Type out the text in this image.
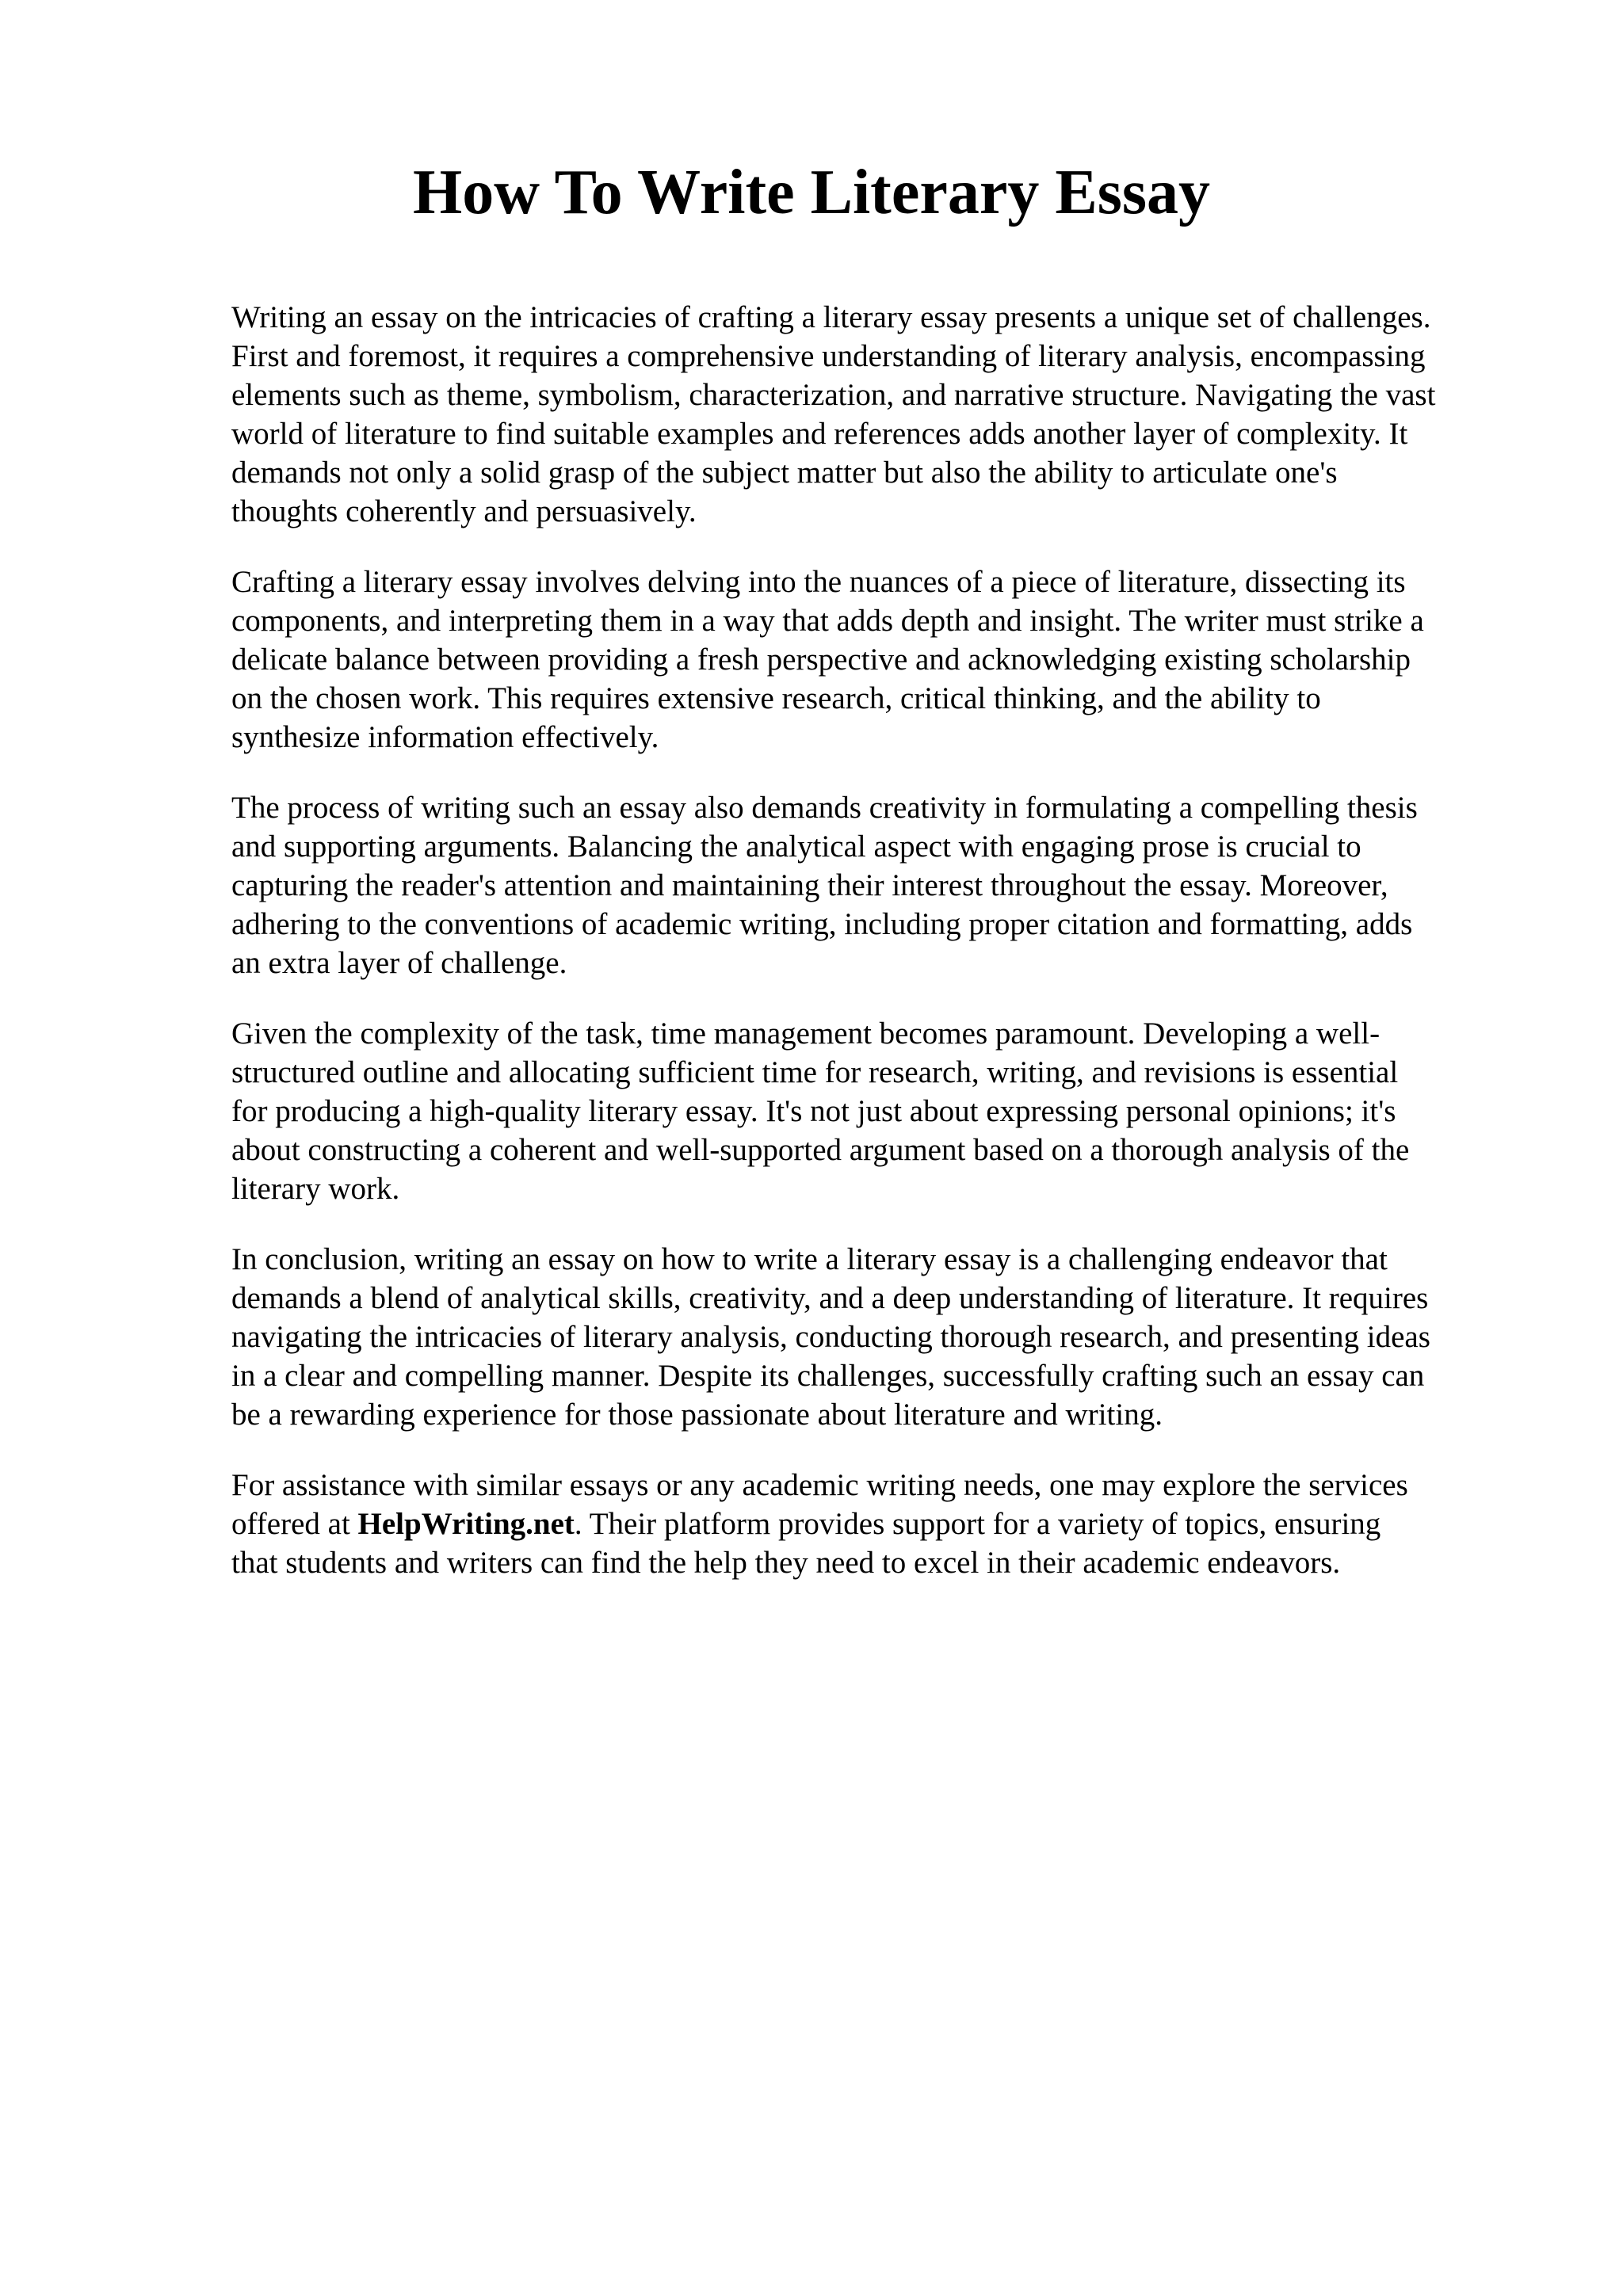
How To Write Literary Essay

Writing an essay on the intricacies of crafting a literary essay presents a unique set of challenges.
First and foremost, it requires a comprehensive understanding of literary analysis, encompassing
elements such as theme, symbolism, characterization, and narrative structure. Navigating the vast
world of literature to find suitable examples and references adds another layer of complexity. It
demands not only a solid grasp of the subject matter but also the ability to articulate one's
thoughts coherently and persuasively.

Crafting a literary essay involves delving into the nuances of a piece of literature, dissecting its
components, and interpreting them in a way that adds depth and insight. The writer must strike a
delicate balance between providing a fresh perspective and acknowledging existing scholarship
on the chosen work. This requires extensive research, critical thinking, and the ability to
synthesize information effectively.

The process of writing such an essay also demands creativity in formulating a compelling thesis
and supporting arguments. Balancing the analytical aspect with engaging prose is crucial to
capturing the reader's attention and maintaining their interest throughout the essay. Moreover,
adhering to the conventions of academic writing, including proper citation and formatting, adds
an extra layer of challenge.

Given the complexity of the task, time management becomes paramount. Developing a well-
structured outline and allocating sufficient time for research, writing, and revisions is essential
for producing a high-quality literary essay. It's not just about expressing personal opinions; it's
about constructing a coherent and well-supported argument based on a thorough analysis of the
literary work.

In conclusion, writing an essay on how to write a literary essay is a challenging endeavor that
demands a blend of analytical skills, creativity, and a deep understanding of literature. It requires
navigating the intricacies of literary analysis, conducting thorough research, and presenting ideas
in a clear and compelling manner. Despite its challenges, successfully crafting such an essay can
be a rewarding experience for those passionate about literature and writing.

For assistance with similar essays or any academic writing needs, one may explore the services
offered at HelpWriting.net. Their platform provides support for a variety of topics, ensuring
that students and writers can find the help they need to excel in their academic endeavors.
